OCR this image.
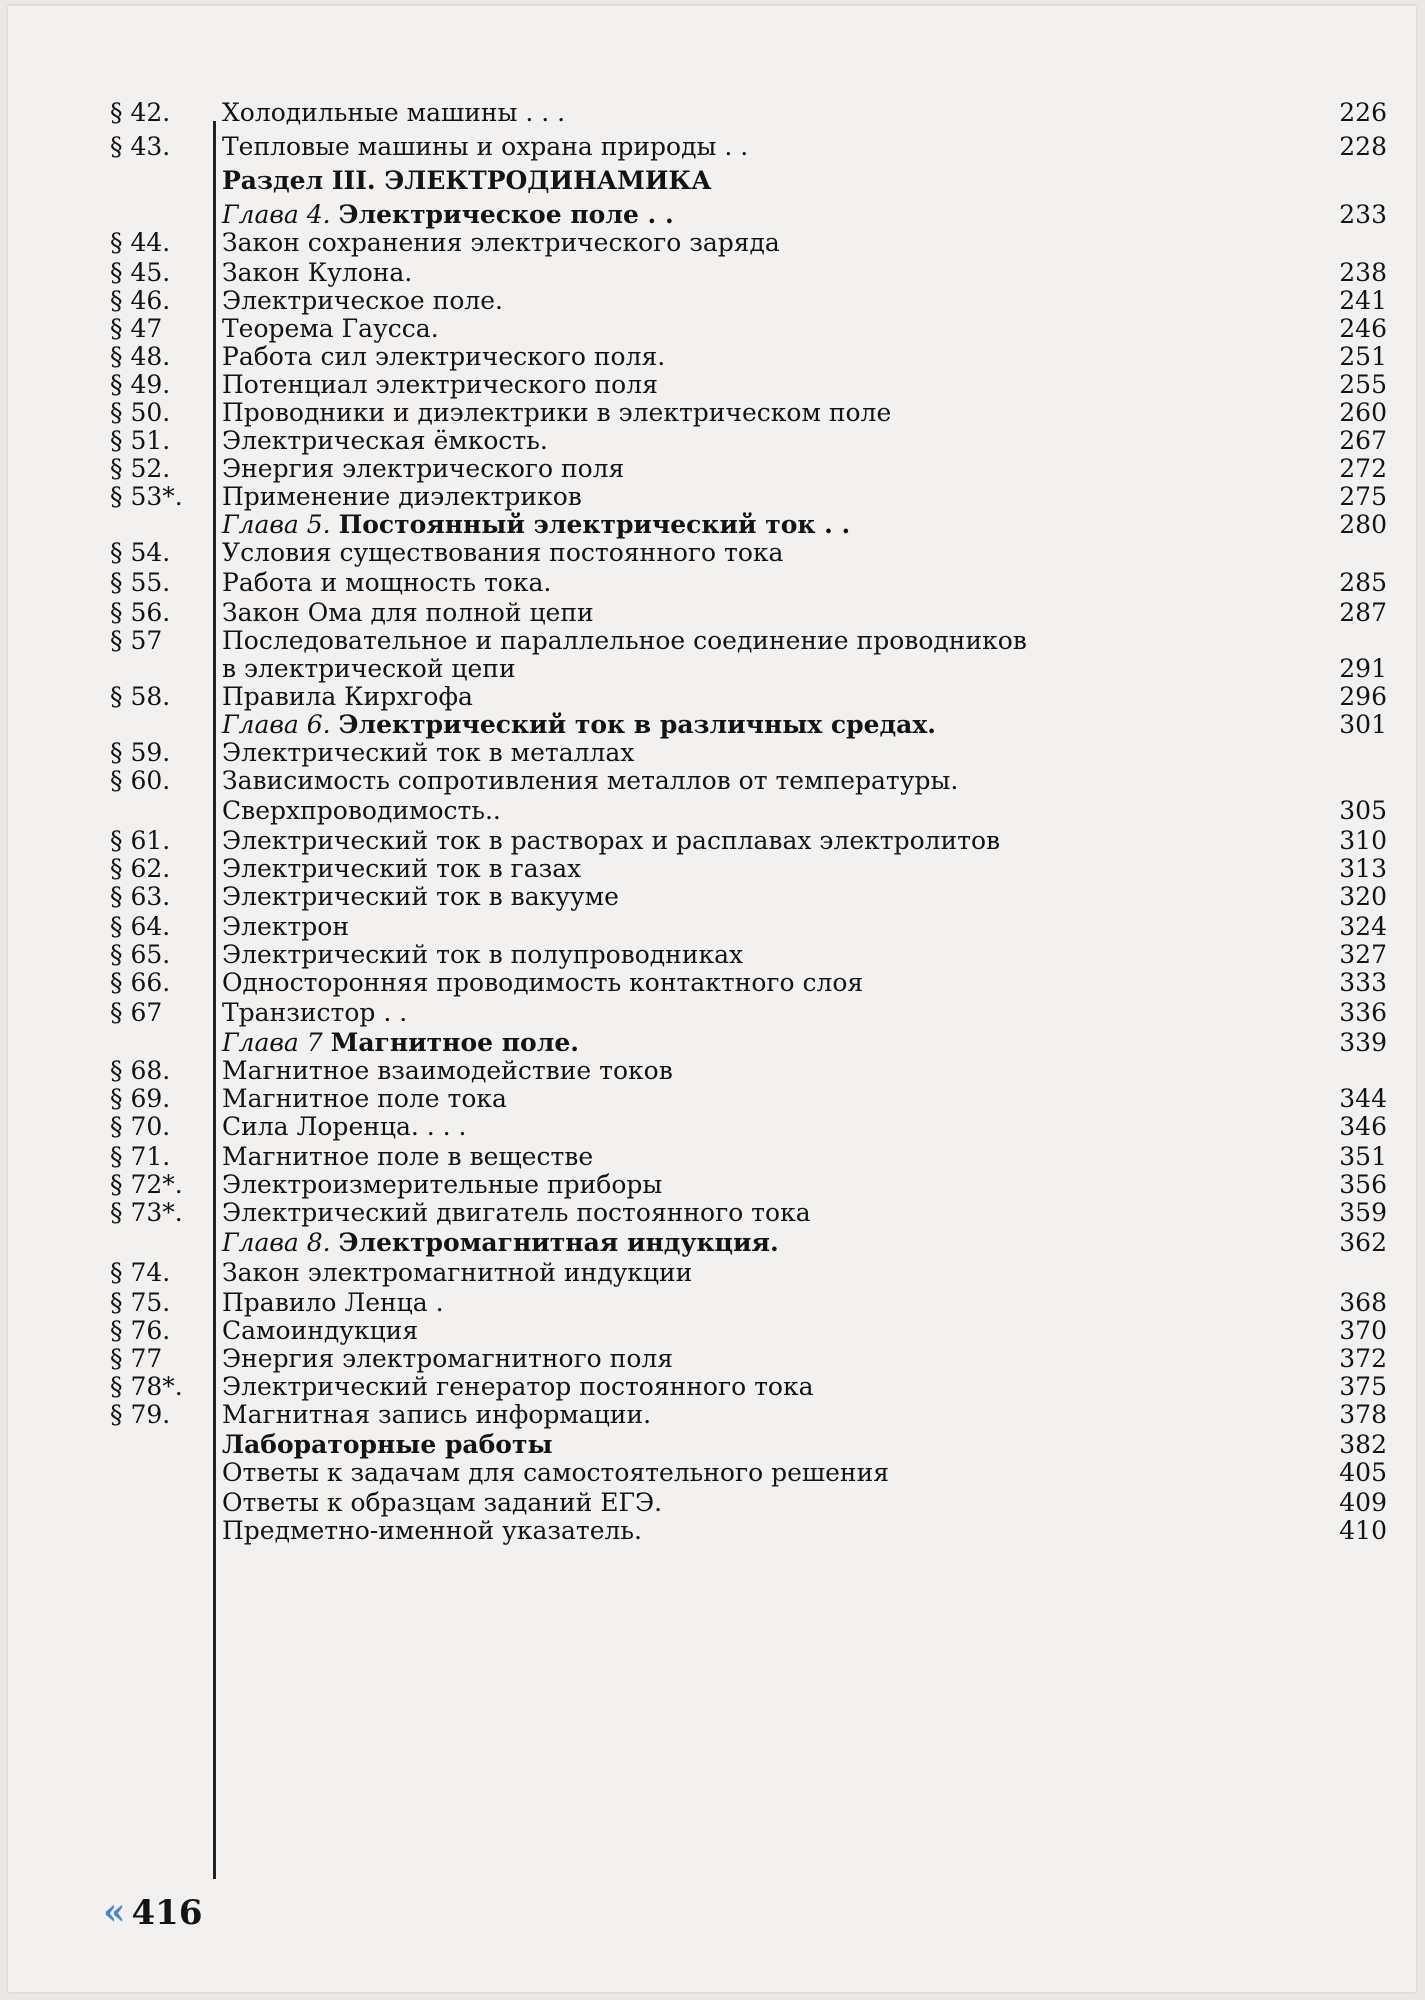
§ 42. Холодильные машины . . .	226
§ 43. Тепловые машины и охрана природы . .	228
Раздел III. ЭЛЕКТРОДИНАМИКА
Глава 4. Электрическое поле . .	233
§ 44. Закон сохранения электрического заряда
§ 45. Закон Кулона.	238
§ 46. Электрическое поле.	241
§ 47 Теорема Гаусса.	246
§ 48. Работа сил электрического поля.	251
§ 49. Потенциал электрического поля	255
§ 50. Проводники и диэлектрики в электрическом поле	260
§ 51. Электрическая ёмкость.	267
§ 52. Энергия электрического поля	272
§ 53*. Применение диэлектриков	275
Глава 5. Постоянный электрический ток . .	280
§ 54. Условия существования постоянного тока
§ 55. Работа и мощность тока.	285
§ 56. Закон Ома для полной цепи	287
§ 57 Последовательное и параллельное соединение проводников
в электрической цепи	291
§ 58. Правила Кирхгофа	296
Глава 6. Электрический ток в различных средах.	301
§ 59. Электрический ток в металлах
§ 60. Зависимость сопротивления металлов от температуры.
Сверхпроводимость..	305
§ 61. Электрический ток в растворах и расплавах электролитов	310
§ 62. Электрический ток в газах	313
§ 63. Электрический ток в вакууме	320
§ 64. Электрон	324
§ 65. Электрический ток в полупроводниках	327
§ 66. Односторонняя проводимость контактного слоя	333
§ 67 Транзистор . .	336
Глава 7 Магнитное поле.	339
§ 68. Магнитное взаимодействие токов
§ 69. Магнитное поле тока	344
§ 70. Сила Лоренца. . . .	346
§ 71. Магнитное поле в веществе	351
§ 72*. Электроизмерительные приборы	356
§ 73*. Электрический двигатель постоянного тока	359
Глава 8. Электромагнитная индукция.	362
§ 74. Закон электромагнитной индукции
§ 75. Правило Ленца .	368
§ 76. Самоиндукция	370
§ 77 Энергия электромагнитного поля	372
§ 78*. Электрический генератор постоянного тока	375
§ 79. Магнитная запись информации.	378
Лабораторные работы	382
Ответы к задачам для самостоятельного решения	405
Ответы к образцам заданий ЕГЭ.	409
Предметно-именной указатель.	410
« 416
